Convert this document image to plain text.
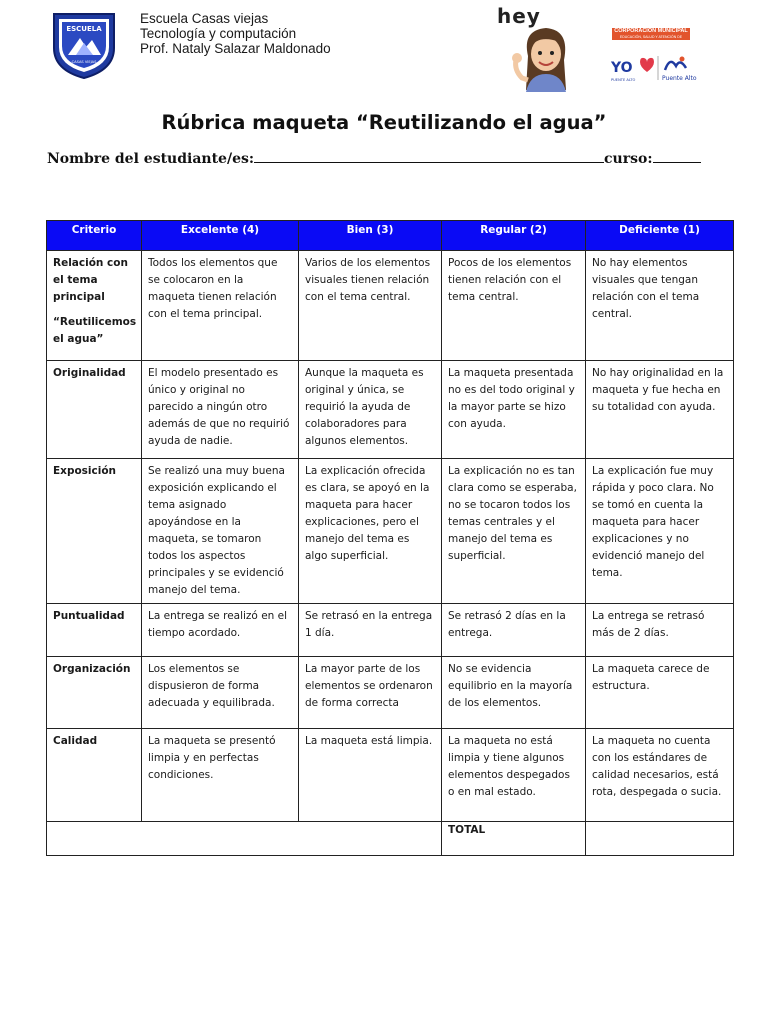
ESCUELA
CASAS VIEJAS
Escuela Casas viejas
Tecnología y computación
Prof. Nataly Salazar Maldonado
hey
CORPORACIÓN MUNICIPAL
EDUCACIÓN, SALUD Y ATENCIÓN DE MENORES
YO
PUENTE ALTO	Puente Alto
Rúbrica maqueta “Reutilizando el agua”
Nombre del estudiante/es:	curso:
Criterio	Excelente (4)	Bien (3)	Regular (2)	Deficiente (1)

Relación con el tema principal

“Reutilicemos el agua”	Todos los elementos que se colocaron en la maqueta tienen relación con el tema principal.	Varios de los elementos visuales tienen relación con el tema central.	Pocos de los elementos tienen relación con el tema central.	No hay elementos visuales que tengan relación con el tema central.
Originalidad	El modelo presentado es único y original no parecido a ningún otro además de que no requirió ayuda de nadie.	Aunque la maqueta es original y única, se requirió la ayuda de colaboradores para algunos elementos.	La maqueta presentada no es del todo original y la mayor parte se hizo con ayuda.	No hay originalidad en la maqueta y fue hecha en su totalidad con ayuda.
Exposición	Se realizó una muy buena exposición explicando el tema asignado apoyándose en la maqueta, se tomaron todos los aspectos principales y se evidenció manejo del tema.	La explicación ofrecida es clara, se apoyó en la maqueta para hacer explicaciones, pero el manejo del tema es algo superficial.	La explicación no es tan clara como se esperaba, no se tocaron todos los temas centrales y el manejo del tema es superficial.	La explicación fue muy rápida y poco clara. No se tomó en cuenta la maqueta para hacer explicaciones y no evidenció manejo del tema.
Puntualidad	La entrega se realizó en el tiempo acordado.	Se retrasó en la entrega 1 día.	Se retrasó 2 días en la entrega.	La entrega se retrasó más de 2 días.
Organización	Los elementos se dispusieron de forma adecuada y equilibrada.	La mayor parte de los elementos se ordenaron de forma correcta	No se evidencia equilibrio en la mayoría de los elementos.	La maqueta carece de estructura.
Calidad	La maqueta se presentó limpia y en perfectas condiciones.	La maqueta está limpia.	La maqueta no está limpia y tiene algunos elementos despegados o en mal estado.	La maqueta no cuenta con los estándares de calidad necesarios, está rota, despegada o sucia.
			TOTAL	
